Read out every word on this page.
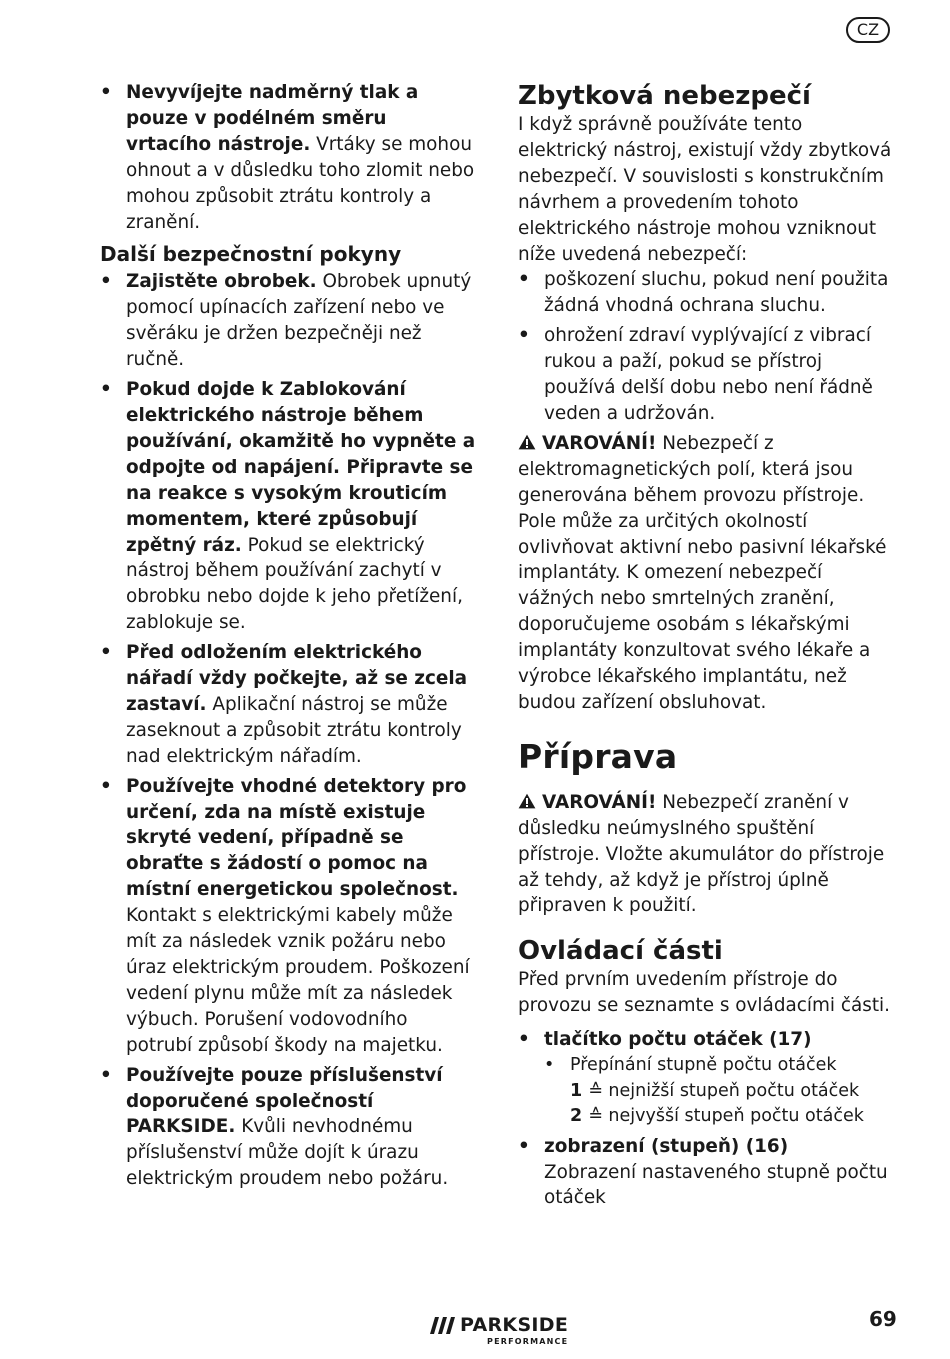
CZ
• Nevyvíjejte nadměrný tlak a pouze v podélném směru vrtacího nástroje. Vrtáky se mohou ohnout a v důsledku toho zlomit nebo mohou způsobit ztrátu kontroly a zranění.
Další bezpečnostní pokyny
• Zajistěte obrobek. Obrobek upnutý pomocí upínacích zařízení nebo ve svěráku je držen bezpečněji než ručně.
• Pokud dojde k Zablokování elektrického nástroje během používání, okamžitě ho vypněte a odpojte od napájení. Připravte se na reakce s vysokým krouticím momentem, které způsobují zpětný ráz. Pokud se elektrický nástroj během používání zachytí v obrobku nebo dojde k jeho přetížení, zablokuje se.
• Před odložením elektrického nářadí vždy počkejte, až se zcela zastaví. Aplikační nástroj se může zaseknout a způsobit ztrátu kontroly nad elektrickým nářadím.
• Používejte vhodné detektory pro určení, zda na místě existuje skryté vedení, případně se obraťte s žádostí o pomoc na místní energetickou společnost. Kontakt s elektrickými kabely může mít za následek vznik požáru nebo úraz elektrickým proudem. Poškození vedení plynu může mít za následek výbuch. Porušení vodovodního potrubí způsobí škody na majetku.
• Používejte pouze příslušenství doporučené společností PARKSIDE. Kvůli nevhodnému příslušenství může dojít k úrazu elektrickým proudem nebo požáru.
Zbytková nebezpečí

I když správně používáte tento elektrický nástroj, existují vždy zbytková nebezpečí. V souvislosti s konstrukčním návrhem a provedením tohoto elektrického nástroje mohou vzniknout níže uvedená nebezpečí:

• poškození sluchu, pokud není použita žádná vhodná ochrana sluchu.
• ohrožení zdraví vyplývající z vibrací rukou a paží, pokud se přístroj používá delší dobu nebo není řádně veden a udržován.

VAROVÁNÍ! Nebezpečí z elektromagnetických polí, která jsou generována během provozu přístroje. Pole může za určitých okolností ovlivňovat aktivní nebo pasivní lékařské implantáty. K omezení nebezpečí vážných nebo smrtelných zranění, doporučujeme osobám s lékařskými implantáty konzultovat svého lékaře a výrobce lékařského implantátu, než budou zařízení obsluhovat.

Příprava

VAROVÁNÍ! Nebezpečí zranění v důsledku neúmyslného spuštění přístroje. Vložte akumulátor do přístroje až tehdy, až když je přístroj úplně připraven k použití.

Ovládací části

Před prvním uvedením přístroje do provozu se seznamte s ovládacími části.

• tlačítko počtu otáček (17)
• Přepínání stupně počtu otáček
1 ≙ nejnižší stupeň počtu otáček
2 ≙ nejvyšší stupeň počtu otáček
• zobrazení (stupeň) (16)
Zobrazení nastaveného stupně počtu otáček
PARKSIDE
PERFORMANCE
69
